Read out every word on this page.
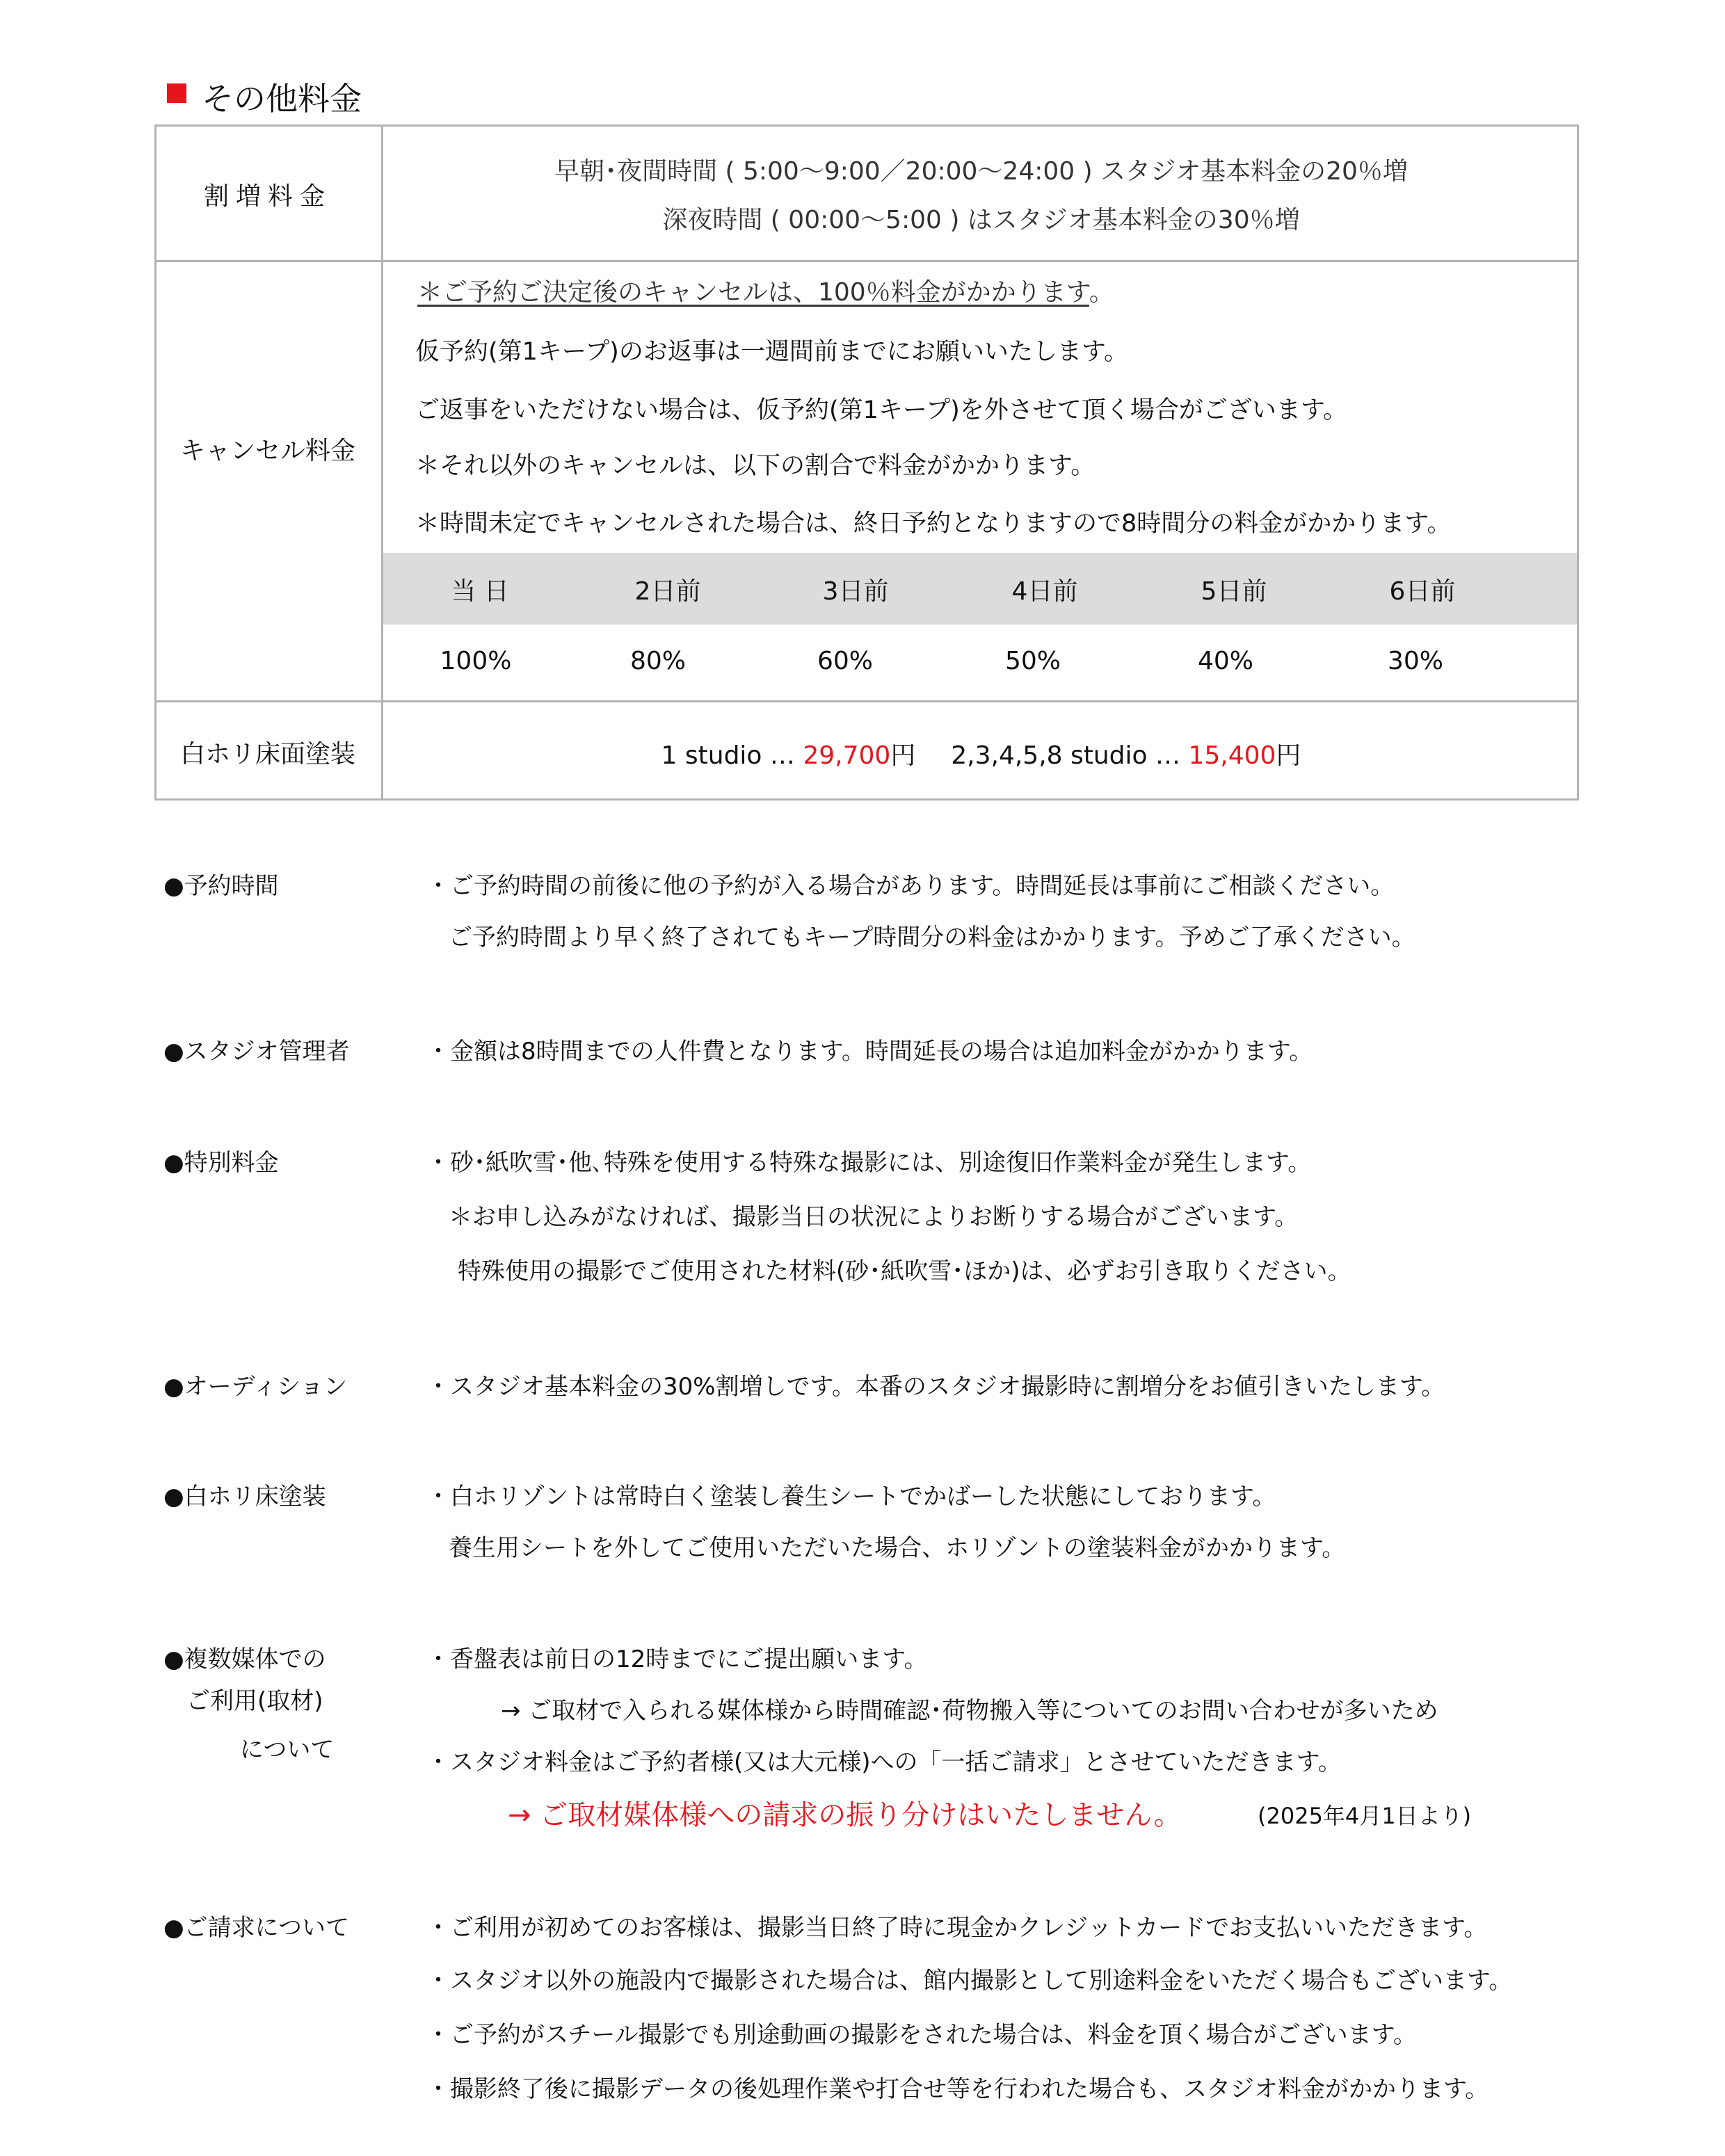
その他料金
割増料金
早朝･夜間時間 ( 5:00〜9:00／20:00〜24:00 ) スタジオ基本料金の20％増
深夜時間 ( 00:00〜5:00 ) はスタジオ基本料金の30％増
キャンセル料金
＊ご予約ご決定後のキャンセルは、100％料金がかかります。
仮予約(第1キープ)のお返事は一週間前までにお願いいたします。
ご返事をいただけない場合は、仮予約(第1キープ)を外させて頂く場合がございます。
＊それ以外のキャンセルは、以下の割合で料金がかかります。
＊時間未定でキャンセルされた場合は、終日予約となりますので8時間分の料金がかかります。
当 日	2日前	3日前	4日前	5日前	6日前
100%	80%	60%	50%	40%	30%
白ホリ床面塗装	1 studio … 29,700円 2,3,4,5,8 studio … 15,400円
●予約時間	・ご予約時間の前後に他の予約が入る場合があります。時間延長は事前にご相談ください。
ご予約時間より早く終了されてもキープ時間分の料金はかかります。予めご了承ください。
●スタジオ管理者	・金額は8時間までの人件費となります。時間延長の場合は追加料金がかかります。
●特別料金	・砂･紙吹雪･他､特殊を使用する特殊な撮影には、別途復旧作業料金が発生します。
＊お申し込みがなければ、撮影当日の状況によりお断りする場合がございます。
特殊使用の撮影でご使用された材料(砂･紙吹雪･ほか)は、必ずお引き取りください。
●オーディション	・スタジオ基本料金の30%割増しです。本番のスタジオ撮影時に割増分をお値引きいたします。
●白ホリ床塗装	・白ホリゾントは常時白く塗装し養生シートでかばーした状態にしております。
養生用シートを外してご使用いただいた場合、ホリゾントの塗装料金がかかります。
●複数媒体での
ご利用(取材)
について
・香盤表は前日の12時までにご提出願います。
→ ご取材で入られる媒体様から時間確認･荷物搬入等についてのお問い合わせが多いため
・スタジオ料金はご予約者様(又は大元様)への「一括ご請求」とさせていただきます。
→ ご取材媒体様への請求の振り分けはいたしません。	(2025年4月1日より)
●ご請求について	・ご利用が初めてのお客様は、撮影当日終了時に現金かクレジットカードでお支払いいただきます。
・スタジオ以外の施設内で撮影された場合は、館内撮影として別途料金をいただく場合もございます。
・ご予約がスチール撮影でも別途動画の撮影をされた場合は、料金を頂く場合がございます。
・撮影終了後に撮影データの後処理作業や打合せ等を行われた場合も、スタジオ料金がかかります。
